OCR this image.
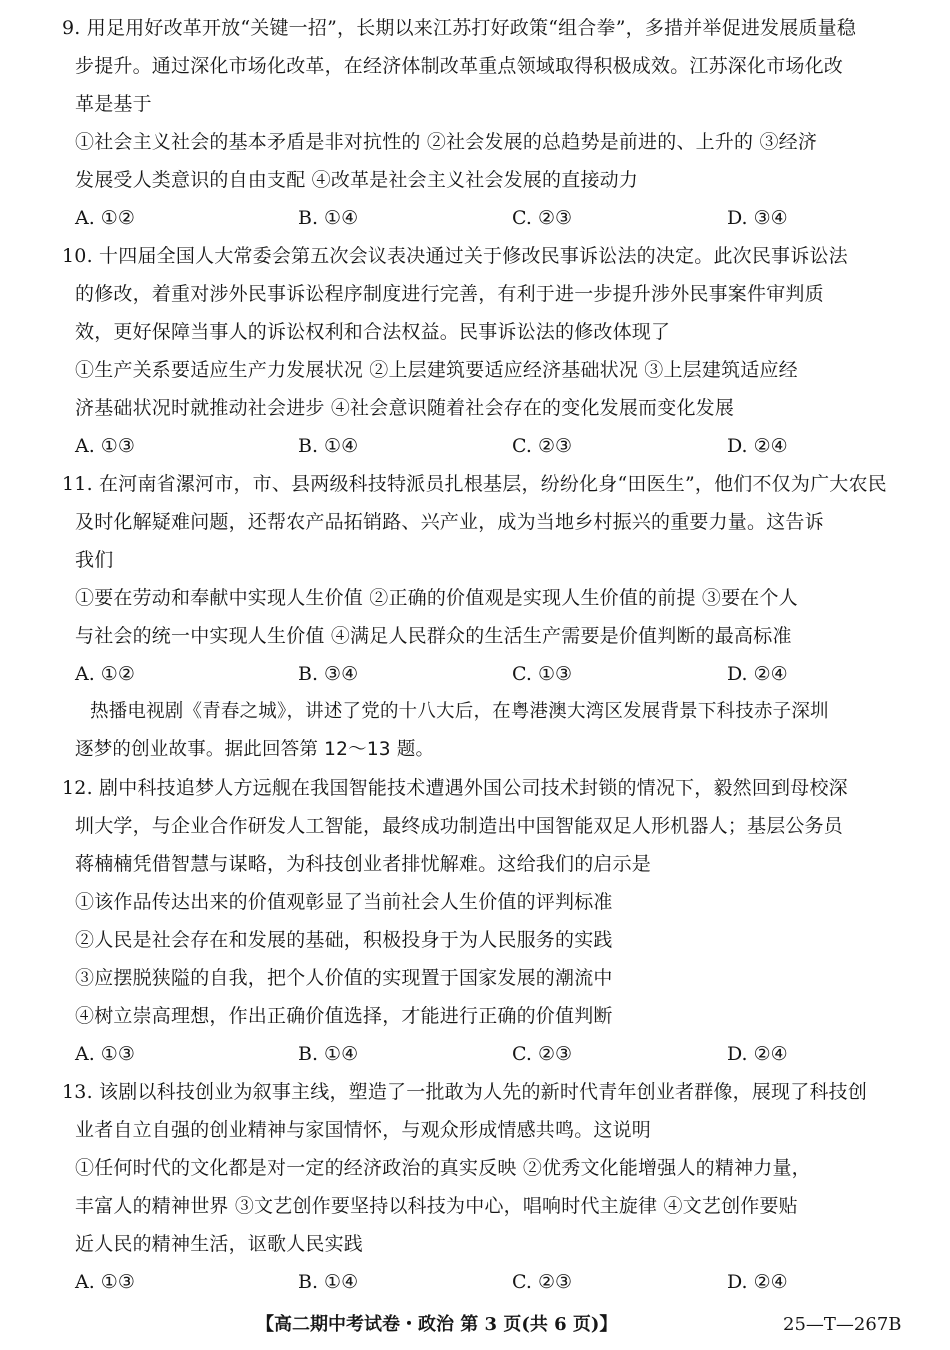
9. 用足用好改革开放“关键一招”，长期以来江苏打好政策“组合拳”，多措并举促进发展质量稳
步提升。通过深化市场化改革，在经济体制改革重点领域取得积极成效。江苏深化市场化改
革是基于
①社会主义社会的基本矛盾是非对抗性的 ②社会发展的总趋势是前进的、上升的 ③经济
发展受人类意识的自由支配 ④改革是社会主义社会发展的直接动力
A. ①②	B. ①④	C. ②③	D. ③④
10. 十四届全国人大常委会第五次会议表决通过关于修改民事诉讼法的决定。此次民事诉讼法
的修改，着重对涉外民事诉讼程序制度进行完善，有利于进一步提升涉外民事案件审判质
效，更好保障当事人的诉讼权利和合法权益。民事诉讼法的修改体现了
①生产关系要适应生产力发展状况 ②上层建筑要适应经济基础状况 ③上层建筑适应经
济基础状况时就推动社会进步 ④社会意识随着社会存在的变化发展而变化发展
A. ①③	B. ①④	C. ②③	D. ②④
11. 在河南省漯河市，市、县两级科技特派员扎根基层，纷纷化身“田医生”，他们不仅为广大农民
及时化解疑难问题，还帮农产品拓销路、兴产业，成为当地乡村振兴的重要力量。这告诉
我们
①要在劳动和奉献中实现人生价值 ②正确的价值观是实现人生价值的前提 ③要在个人
与社会的统一中实现人生价值 ④满足人民群众的生活生产需要是价值判断的最高标准
A. ①②	B. ③④	C. ①③	D. ②④
热播电视剧《青春之城》，讲述了党的十八大后，在粤港澳大湾区发展背景下科技赤子深圳
逐梦的创业故事。据此回答第 12～13 题。
12. 剧中科技追梦人方远舰在我国智能技术遭遇外国公司技术封锁的情况下，毅然回到母校深
圳大学，与企业合作研发人工智能，最终成功制造出中国智能双足人形机器人；基层公务员
蒋楠楠凭借智慧与谋略，为科技创业者排忧解难。这给我们的启示是
①该作品传达出来的价值观彰显了当前社会人生价值的评判标准
②人民是社会存在和发展的基础，积极投身于为人民服务的实践
③应摆脱狭隘的自我，把个人价值的实现置于国家发展的潮流中
④树立崇高理想，作出正确价值选择，才能进行正确的价值判断
A. ①③	B. ①④	C. ②③	D. ②④
13. 该剧以科技创业为叙事主线，塑造了一批敢为人先的新时代青年创业者群像，展现了科技创
业者自立自强的创业精神与家国情怀，与观众形成情感共鸣。这说明
①任何时代的文化都是对一定的经济政治的真实反映 ②优秀文化能增强人的精神力量，
丰富人的精神世界 ③文艺创作要坚持以科技为中心，唱响时代主旋律 ④文艺创作要贴
近人民的精神生活，讴歌人民实践
A. ①③	B. ①④	C. ②③	D. ②④
【高二期中考试卷・政治 第 3 页(共 6 页)】	25—T—267B
